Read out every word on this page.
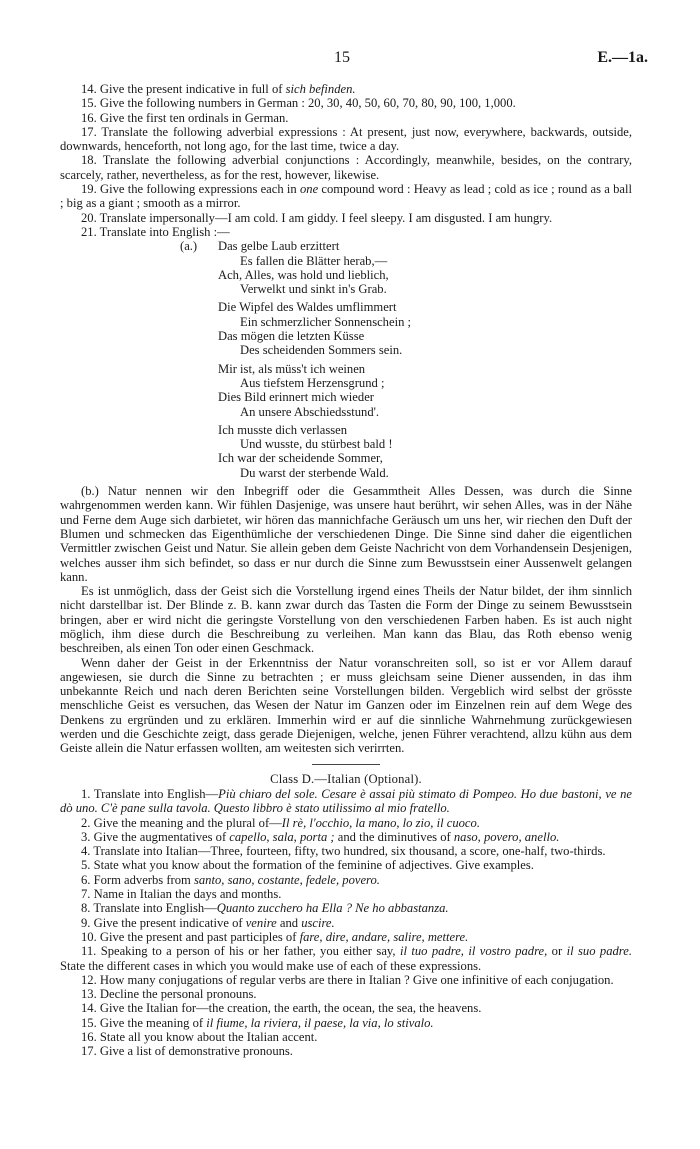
15	E.—1a.

14. Give the present indicative in full of sich befinden.

15. Give the following numbers in German : 20, 30, 40, 50, 60, 70, 80, 90, 100, 1,000.

16. Give the first ten ordinals in German.

17. Translate the following adverbial expressions : At present, just now, everywhere, backwards, outside, downwards, henceforth, not long ago, for the last time, twice a day.

18. Translate the following adverbial conjunctions : Accordingly, meanwhile, besides, on the contrary, scarcely, rather, nevertheless, as for the rest, however, likewise.

19. Give the following expressions each in one compound word : Heavy as lead ; cold as ice ; round as a ball ; big as a giant ; smooth as a mirror.

20. Translate impersonally—I am cold. I am giddy. I feel sleepy. I am disgusted. I am hungry.

21. Translate into English :—

(a.) Das gelbe Laub erzittert
Es fallen die Blätter herab,—
Ach, Alles, was hold und lieblich,
Verwelkt und sinkt in's Grab.
Die Wipfel des Waldes umflimmert
Ein schmerzlicher Sonnenschein ;
Das mögen die letzten Küsse
Des scheidenden Sommers sein.
Mir ist, als müss't ich weinen
Aus tiefstem Herzensgrund ;
Dies Bild erinnert mich wieder
An unsere Abschiedsstund'.
Ich musste dich verlassen
Und wusste, du stürbest bald !
Ich war der scheidende Sommer,
Du warst der sterbende Wald.

(b.) Natur nennen wir den Inbegriff oder die Gesammtheit Alles Dessen, was durch die Sinne wahrgenommen werden kann. Wir fühlen Dasjenige, was unsere haut berührt, wir sehen Alles, was in der Nähe und Ferne dem Auge sich darbietet, wir hören das mannichfache Geräusch um uns her, wir riechen den Duft der Blumen und schmecken das Eigenthümliche der verschiedenen Dinge. Die Sinne sind daher die eigentlichen Vermittler zwischen Geist und Natur. Sie allein geben dem Geiste Nachricht von dem Vorhandensein Desjenigen, welches ausser ihm sich befindet, so dass er nur durch die Sinne zum Bewusstsein einer Aussenwelt gelangen kann.

Es ist unmöglich, dass der Geist sich die Vorstellung irgend eines Theils der Natur bildet, der ihm sinnlich nicht darstellbar ist. Der Blinde z. B. kann zwar durch das Tasten die Form der Dinge zu seinem Bewusstsein bringen, aber er wird nicht die geringste Vorstellung von den verschiedenen Farben haben. Es ist auch night möglich, ihm diese durch die Beschreibung zu verleihen. Man kann das Blau, das Roth ebenso wenig beschreiben, als einen Ton oder einen Geschmack.

Wenn daher der Geist in der Erkenntniss der Natur voranschreiten soll, so ist er vor Allem darauf angewiesen, sie durch die Sinne zu betrachten ; er muss gleichsam seine Diener aussenden, in das ihm unbekannte Reich und nach deren Berichten seine Vorstellungen bilden. Vergeblich wird selbst der grösste menschliche Geist es versuchen, das Wesen der Natur im Ganzen oder im Einzelnen rein auf dem Wege des Denkens zu ergründen und zu erklären. Immerhin wird er auf die sinnliche Wahrnehmung zurückgewiesen werden und die Geschichte zeigt, dass gerade Diejenigen, welche, jenen Führer verachtend, allzu kühn aus dem Geiste allein die Natur erfassen wollten, am weitesten sich verirrten.

Class D.—Italian (Optional).

1. Translate into English—Più chiaro del sole. Cesare è assai più stimato di Pompeo. Ho due bastoni, ve ne dò uno. C'è pane sulla tavola. Questo libbro è stato utilissimo al mio fratello.

2. Give the meaning and the plural of—Il rè, l'occhio, la mano, lo zio, il cuoco.

3. Give the augmentatives of capello, sala, porta ; and the diminutives of naso, povero, anello.

4. Translate into Italian—Three, fourteen, fifty, two hundred, six thousand, a score, one-half, two-thirds.

5. State what you know about the formation of the feminine of adjectives. Give examples.

6. Form adverbs from santo, sano, costante, fedele, povero.

7. Name in Italian the days and months.

8. Translate into English—Quanto zucchero ha Ella ? Ne ho abbastanza.

9. Give the present indicative of venire and uscire.

10. Give the present and past participles of fare, dire, andare, salire, mettere.

11. Speaking to a person of his or her father, you either say, il tuo padre, il vostro padre, or il suo padre. State the different cases in which you would make use of each of these expressions.

12. How many conjugations of regular verbs are there in Italian ? Give one infinitive of each conjugation.

13. Decline the personal pronouns.

14. Give the Italian for—the creation, the earth, the ocean, the sea, the heavens.

15. Give the meaning of il fiume, la riviera, il paese, la via, lo stivalo.

16. State all you know about the Italian accent.

17. Give a list of demonstrative pronouns.
